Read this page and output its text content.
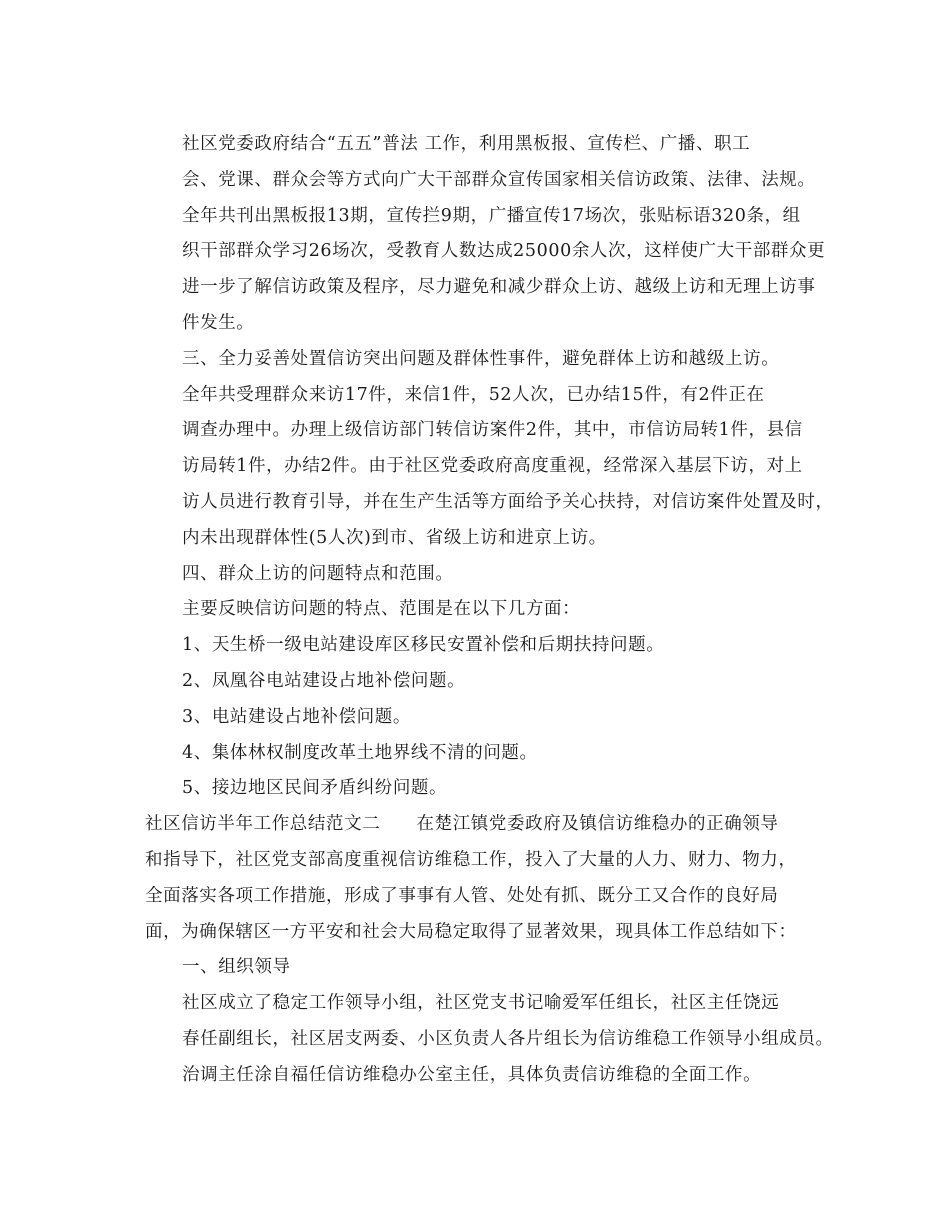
社区党委政府结合“五五”普法 工作，利用黑板报、宣传栏、广播、职工
会、党课、群众会等方式向广大干部群众宣传国家相关信访政策、法律、法规。
全年共刊出黑板报13期，宣传拦9期，广播宣传17场次，张贴标语320条，组
织干部群众学习26场次，受教育人数达成25000余人次，这样使广大干部群众更
进一步了解信访政策及程序，尽力避免和减少群众上访、越级上访和无理上访事
件发生。

三、全力妥善处置信访突出问题及群体性事件，避免群体上访和越级上访。

全年共受理群众来访17件，来信1件，52人次，已办结15件，有2件正在
调查办理中。办理上级信访部门转信访案件2件，其中，市信访局转1件，县信
访局转1件，办结2件。由于社区党委政府高度重视，经常深入基层下访，对上
访人员进行教育引导，并在生产生活等方面给予关心扶持，对信访案件处置及时，
内未出现群体性(5人次)到市、省级上访和进京上访。

四、群众上访的问题特点和范围。

主要反映信访问题的特点、范围是在以下几方面：

1、天生桥一级电站建设库区移民安置补偿和后期扶持问题。

2、凤凰谷电站建设占地补偿问题。

3、电站建设占地补偿问题。

4、集体林权制度改革土地界线不清的问题。

5、接边地区民间矛盾纠纷问题。

社区信访半年工作总结范文二　　在楚江镇党委政府及镇信访维稳办的正确领导
和指导下，社区党支部高度重视信访维稳工作，投入了大量的人力、财力、物力，
全面落实各项工作措施，形成了事事有人管、处处有抓、既分工又合作的良好局
面，为确保辖区一方平安和社会大局稳定取得了显著效果，现具体工作总结如下：

一、组织领导

社区成立了稳定工作领导小组，社区党支书记喻爱军任组长，社区主任饶远
春任副组长，社区居支两委、小区负责人各片组长为信访维稳工作领导小组成员。
治调主任涂自福任信访维稳办公室主任，具体负责信访维稳的全面工作。
